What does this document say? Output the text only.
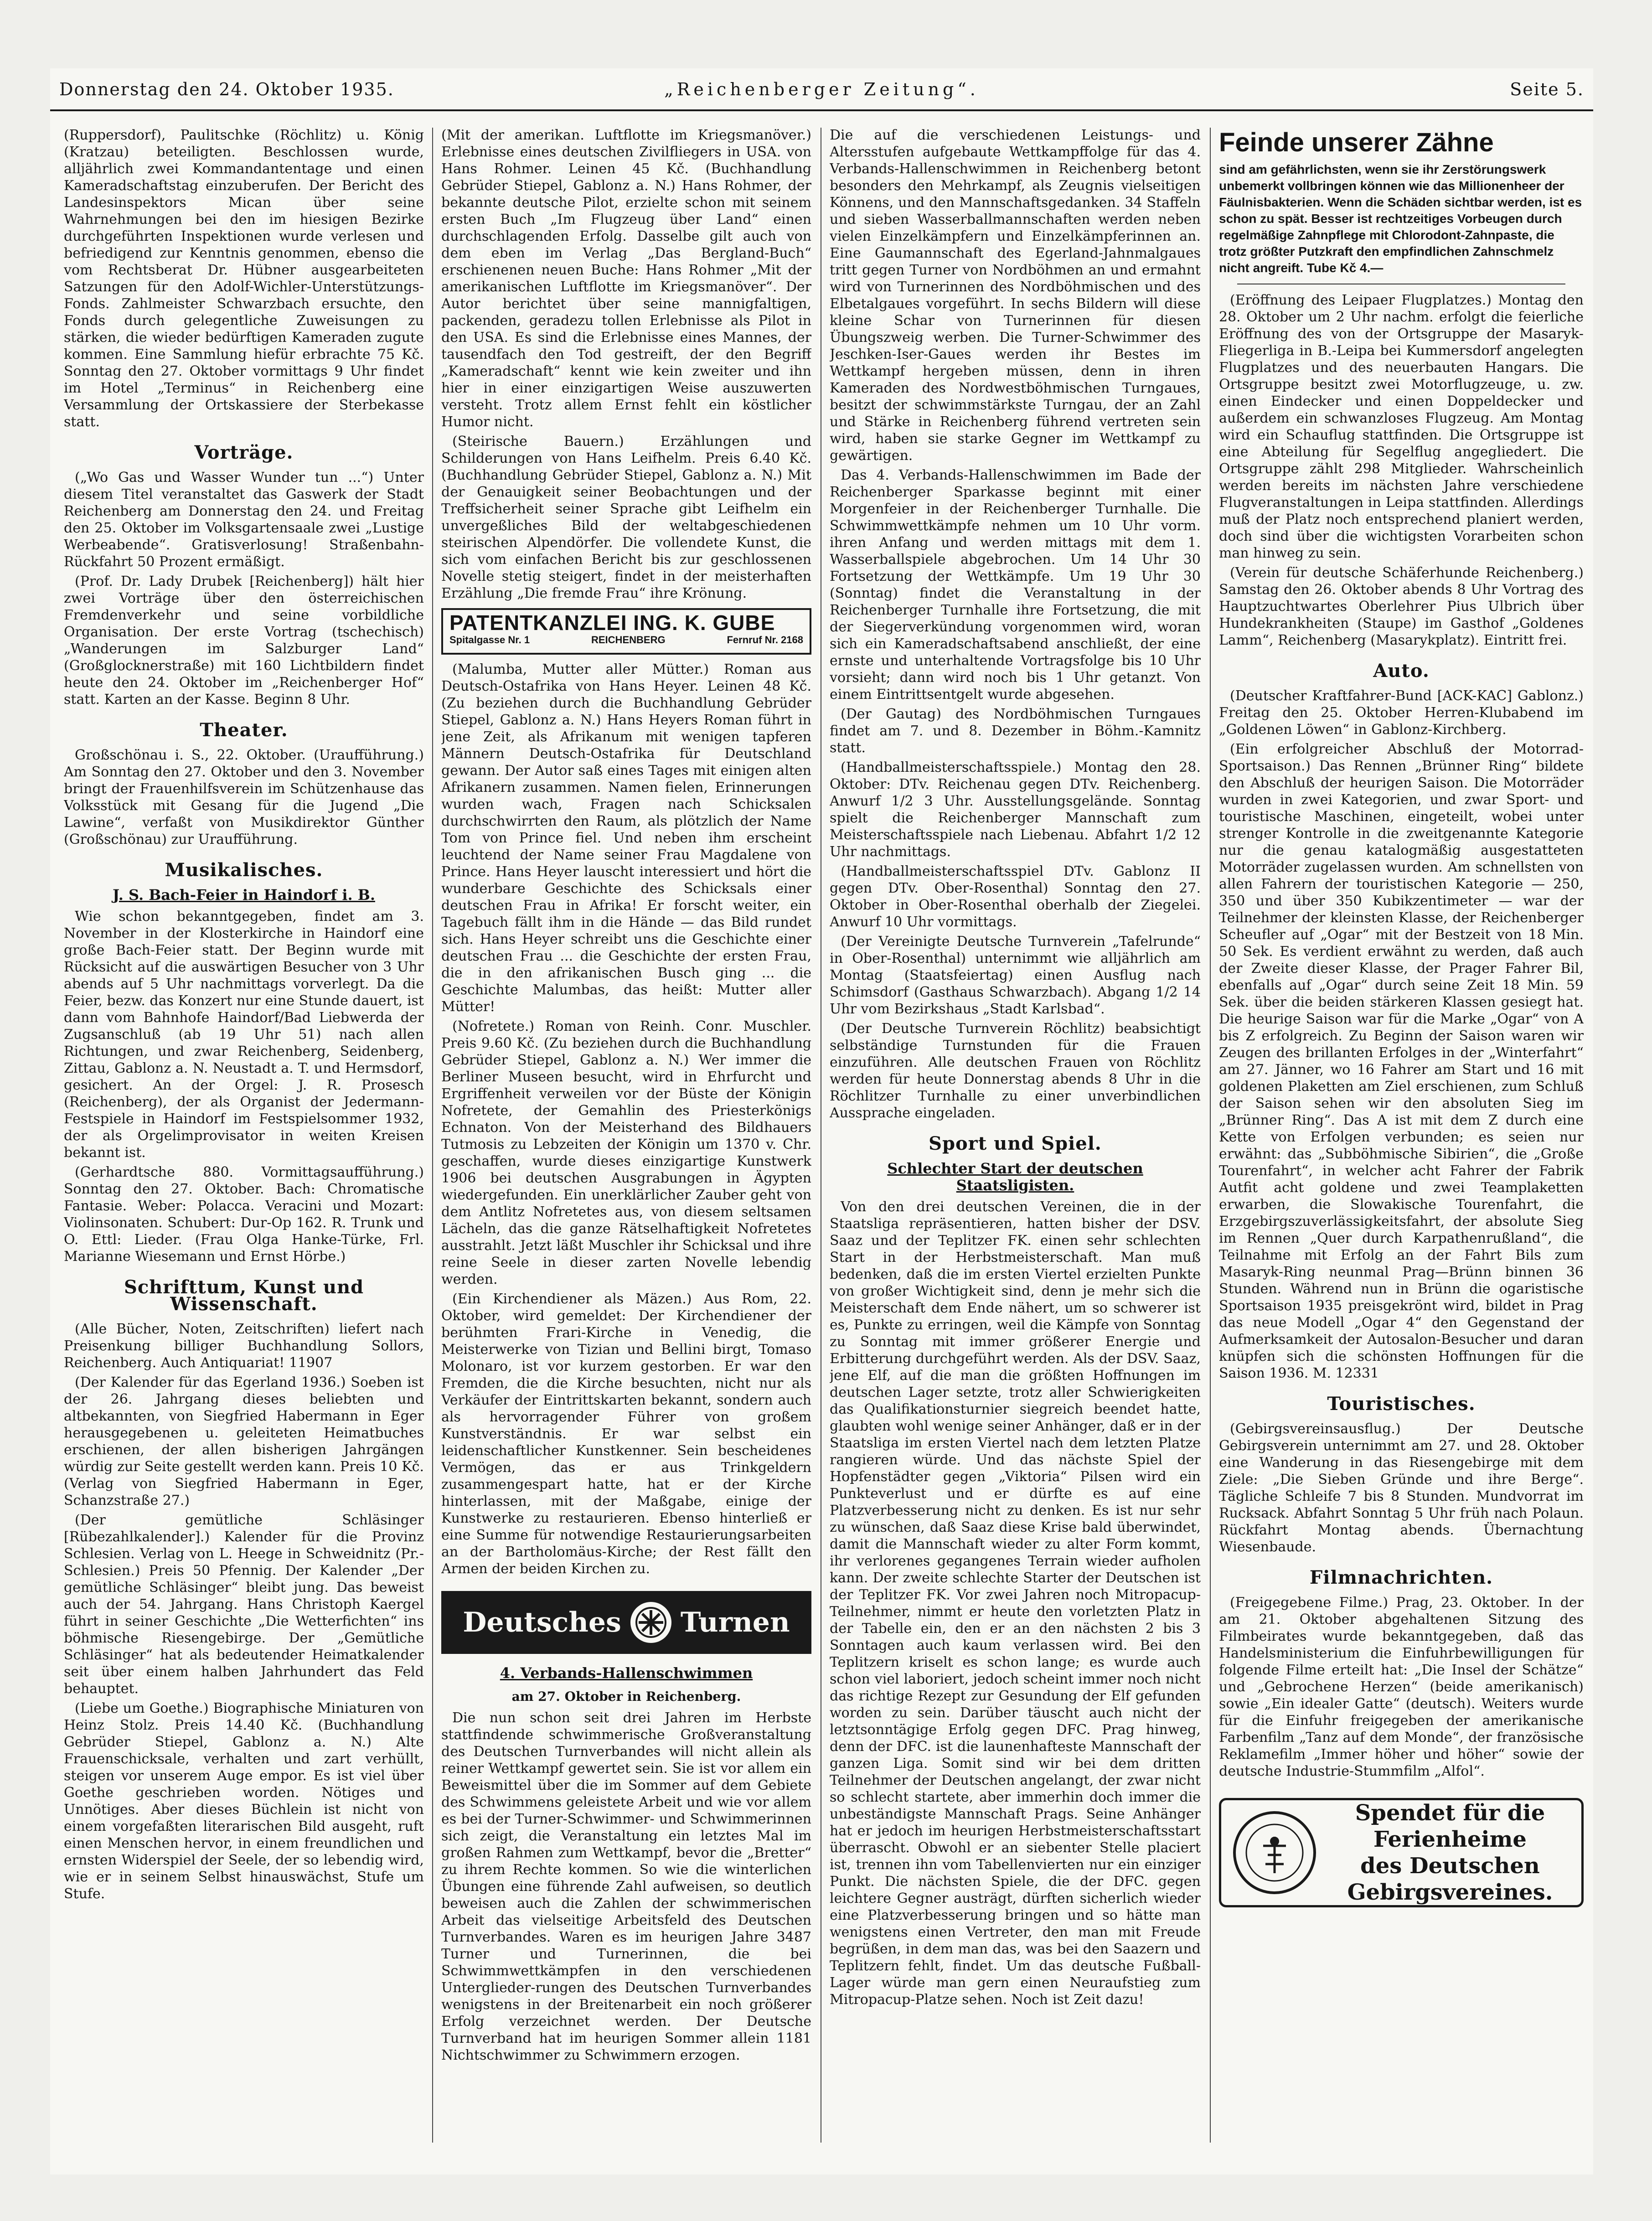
Donnerstag den 24. Oktober 1935.	„Reichenberger Zeitung“.	Seite 5.

(Ruppersdorf), Paulitschke (Röchlitz) u. König (Kratzau) beteiligten. Beschlossen wurde, alljährlich zwei Kommandantentage und einen Kameradschaftstag einzuberufen. Der Bericht des Landesinspektors Mican über seine Wahrnehmungen bei den im hiesigen Bezirke durchgeführten Inspektionen wurde verlesen und befriedigend zur Kenntnis genommen, ebenso die vom Rechtsberat Dr. Hübner ausgearbeiteten Satzungen für den Adolf-Wichler-Unterstützungs-Fonds. Zahlmeister Schwarzbach ersuchte, den Fonds durch gelegentliche Zuweisungen zu stärken, die wieder bedürftigen Kameraden zugute kommen. Eine Sammlung hiefür erbrachte 75 Kč. Sonntag den 27. Oktober vormittags 9 Uhr findet im Hotel „Terminus“ in Reichenberg eine Versammlung der Ortskassiere der Sterbekasse statt.

Vorträge.

(„Wo Gas und Wasser Wunder tun ...“) Unter diesem Titel veranstaltet das Gaswerk der Stadt Reichenberg am Donnerstag den 24. und Freitag den 25. Oktober im Volksgartensaale zwei „Lustige Werbeabende“. Gratisverlosung! Straßenbahn-Rückfahrt 50 Prozent ermäßigt.

(Prof. Dr. Lady Drubek [Reichenberg]) hält hier zwei Vorträge über den österreichischen Fremdenverkehr und seine vorbildliche Organisation. Der erste Vortrag (tschechisch) „Wanderungen im Salzburger Land“ (Großglocknerstraße) mit 160 Lichtbildern findet heute den 24. Oktober im „Reichenberger Hof“ statt. Karten an der Kasse. Beginn 8 Uhr.

Theater.

Großschönau i. S., 22. Oktober. (Uraufführung.) Am Sonntag den 27. Oktober und den 3. November bringt der Frauenhilfsverein im Schützenhause das Volksstück mit Gesang für die Jugend „Die Lawine“, verfaßt von Musikdirektor Günther (Großschönau) zur Uraufführung.

Musikalisches.
J. S. Bach-Feier in Haindorf i. B.

Wie schon bekanntgegeben, findet am 3. November in der Klosterkirche in Haindorf eine große Bach-Feier statt. Der Beginn wurde mit Rücksicht auf die auswärtigen Besucher von 3 Uhr abends auf 5 Uhr nachmittags vorverlegt. Da die Feier, bezw. das Konzert nur eine Stunde dauert, ist dann vom Bahnhofe Haindorf/Bad Liebwerda der Zugsanschluß (ab 19 Uhr 51) nach allen Richtungen, und zwar Reichenberg, Seidenberg, Zittau, Gablonz a. N. Neustadt a. T. und Hermsdorf, gesichert. An der Orgel: J. R. Prosesch (Reichenberg), der als Organist der Jedermann-Festspiele in Haindorf im Festspielsommer 1932, der als Orgelimprovisator in weiten Kreisen bekannt ist.

(Gerhardtsche 880. Vormittagsaufführung.) Sonntag den 27. Oktober. Bach: Chromatische Fantasie. Weber: Polacca. Veracini und Mozart: Violinsonaten. Schubert: Dur-Op 162. R. Trunk und O. Ettl: Lieder. (Frau Olga Hanke-Türke, Frl. Marianne Wiesemann und Ernst Hörbe.)

Schrifttum, Kunst und Wissenschaft.

(Alle Bücher, Noten, Zeitschriften) liefert nach Preisenkung billiger Buchhandlung Sollors, Reichenberg. Auch Antiquariat! 11907

(Der Kalender für das Egerland 1936.) Soeben ist der 26. Jahrgang dieses beliebten und altbekannten, von Siegfried Habermann in Eger herausgegebenen u. geleiteten Heimatbuches erschienen, der allen bisherigen Jahrgängen würdig zur Seite gestellt werden kann. Preis 10 Kč. (Verlag von Siegfried Habermann in Eger, Schanzstraße 27.)

(Der gemütliche Schläsinger [Rübezahlkalender].) Kalender für die Provinz Schlesien. Verlag von L. Heege in Schweidnitz (Pr.-Schlesien.) Preis 50 Pfennig. Der Kalender „Der gemütliche Schläsinger“ bleibt jung. Das beweist auch der 54. Jahrgang. Hans Christoph Kaergel führt in seiner Geschichte „Die Wetterfichten“ ins böhmische Riesengebirge. Der „Gemütliche Schläsinger“ hat als bedeutender Heimatkalender seit über einem halben Jahrhundert das Feld behauptet.

(Liebe um Goethe.) Biographische Miniaturen von Heinz Stolz. Preis 14.40 Kč. (Buchhandlung Gebrüder Stiepel, Gablonz a. N.) Alte Frauenschicksale, verhalten und zart verhüllt, steigen vor unserem Auge empor. Es ist viel über Goethe geschrieben worden. Nötiges und Unnötiges. Aber dieses Büchlein ist nicht von einem vorgefaßten literarischen Bild ausgeht, ruft einen Menschen hervor, in einem freundlichen und ernsten Widerspiel der Seele, der so lebendig wird, wie er in seinem Selbst hinauswächst, Stufe um Stufe.

(Mit der amerikan. Luftflotte im Kriegsmanöver.) Erlebnisse eines deutschen Zivilfliegers in USA. von Hans Rohmer. Leinen 45 Kč. (Buchhandlung Gebrüder Stiepel, Gablonz a. N.) Hans Rohmer, der bekannte deutsche Pilot, erzielte schon mit seinem ersten Buch „Im Flugzeug über Land“ einen durchschlagenden Erfolg. Dasselbe gilt auch von dem eben im Verlag „Das Bergland-Buch“ erschienenen neuen Buche: Hans Rohmer „Mit der amerikanischen Luftflotte im Kriegsmanöver“. Der Autor berichtet über seine mannigfaltigen, packenden, geradezu tollen Erlebnisse als Pilot in den USA. Es sind die Erlebnisse eines Mannes, der tausendfach den Tod gestreift, der den Begriff „Kameradschaft“ kennt wie kein zweiter und ihn hier in einer einzigartigen Weise auszuwerten versteht. Trotz allem Ernst fehlt ein köstlicher Humor nicht.

(Steirische Bauern.) Erzählungen und Schilderungen von Hans Leifhelm. Preis 6.40 Kč. (Buchhandlung Gebrüder Stiepel, Gablonz a. N.) Mit der Genauigkeit seiner Beobachtungen und der Treffsicherheit seiner Sprache gibt Leifhelm ein unvergeßliches Bild der weltabgeschiedenen steirischen Alpendörfer. Die vollendete Kunst, die sich vom einfachen Bericht bis zur geschlossenen Novelle stetig steigert, findet in der meisterhaften Erzählung „Die fremde Frau“ ihre Krönung.

PATENTKANZLEI ING. K. GUBE
Spitalgasse Nr. 1	REICHENBERG	Fernruf Nr. 2168

(Malumba, Mutter aller Mütter.) Roman aus Deutsch-Ostafrika von Hans Heyer. Leinen 48 Kč. (Zu beziehen durch die Buchhandlung Gebrüder Stiepel, Gablonz a. N.) Hans Heyers Roman führt in jene Zeit, als Afrikanum mit wenigen tapferen Männern Deutsch-Ostafrika für Deutschland gewann. Der Autor saß eines Tages mit einigen alten Afrikanern zusammen. Namen fielen, Erinnerungen wurden wach, Fragen nach Schicksalen durchschwirrten den Raum, als plötzlich der Name Tom von Prince fiel. Und neben ihm erscheint leuchtend der Name seiner Frau Magdalene von Prince. Hans Heyer lauscht interessiert und hört die wunderbare Geschichte des Schicksals einer deutschen Frau in Afrika! Er forscht weiter, ein Tagebuch fällt ihm in die Hände — das Bild rundet sich. Hans Heyer schreibt uns die Geschichte einer deutschen Frau ... die Geschichte der ersten Frau, die in den afrikanischen Busch ging ... die Geschichte Malumbas, das heißt: Mutter aller Mütter!

(Nofretete.) Roman von Reinh. Conr. Muschler. Preis 9.60 Kč. (Zu beziehen durch die Buchhandlung Gebrüder Stiepel, Gablonz a. N.) Wer immer die Berliner Museen besucht, wird in Ehrfurcht und Ergriffenheit verweilen vor der Büste der Königin Nofretete, der Gemahlin des Priesterkönigs Echnaton. Von der Meisterhand des Bildhauers Tutmosis zu Lebzeiten der Königin um 1370 v. Chr. geschaffen, wurde dieses einzigartige Kunstwerk 1906 bei deutschen Ausgrabungen in Ägypten wiedergefunden. Ein unerklärlicher Zauber geht von dem Antlitz Nofretetes aus, von diesem seltsamen Lächeln, das die ganze Rätselhaftigkeit Nofretetes ausstrahlt. Jetzt läßt Muschler ihr Schicksal und ihre reine Seele in dieser zarten Novelle lebendig werden.

(Ein Kirchendiener als Mäzen.) Aus Rom, 22. Oktober, wird gemeldet: Der Kirchendiener der berühmten Frari-Kirche in Venedig, die Meisterwerke von Tizian und Bellini birgt, Tomaso Molonaro, ist vor kurzem gestorben. Er war den Fremden, die die Kirche besuchten, nicht nur als Verkäufer der Eintrittskarten bekannt, sondern auch als hervorragender Führer von großem Kunstverständnis. Er war selbst ein leidenschaftlicher Kunstkenner. Sein bescheidenes Vermögen, das er aus Trinkgeldern zusammengespart hatte, hat er der Kirche hinterlassen, mit der Maßgabe, einige der Kunstwerke zu restaurieren. Ebenso hinterließ er eine Summe für notwendige Restaurierungsarbeiten an der Bartholomäus-Kirche; der Rest fällt den Armen der beiden Kirchen zu.

Deutsches Turnen
4. Verbands-Hallenschwimmen
am 27. Oktober in Reichenberg.

Die nun schon seit drei Jahren im Herbste stattfindende schwimmerische Großveranstaltung des Deutschen Turnverbandes will nicht allein als reiner Wettkampf gewertet sein. Sie ist vor allem ein Beweismittel über die im Sommer auf dem Gebiete des Schwimmens geleistete Arbeit und wie vor allem es bei der Turner-Schwimmer- und Schwimmerinnen sich zeigt, die Veranstaltung ein letztes Mal im großen Rahmen zum Wettkampf, bevor die „Bretter“ zu ihrem Rechte kommen. So wie die winterlichen Übungen eine führende Zahl aufweisen, so deutlich beweisen auch die Zahlen der schwimmerischen Arbeit das vielseitige Arbeitsfeld des Deutschen Turnverbandes. Waren es im heurigen Jahre 3487 Turner und Turnerinnen, die bei Schwimmwettkämpfen in den verschiedenen Unterglieder-rungen des Deutschen Turnverbandes wenigstens in der Breitenarbeit ein noch größerer Erfolg verzeichnet werden. Der Deutsche Turnverband hat im heurigen Sommer allein 1181 Nichtschwimmer zu Schwimmern erzogen.

Die auf die verschiedenen Leistungs- und Altersstufen aufgebaute Wettkampffolge für das 4. Verbands-Hallenschwimmen in Reichenberg betont besonders den Mehrkampf, als Zeugnis vielseitigen Könnens, und den Mannschaftsgedanken. 34 Staffeln und sieben Wasserballmannschaften werden neben vielen Einzelkämpfern und Einzelkämpferinnen an. Eine Gaumannschaft des Egerland-Jahnmalgaues tritt gegen Turner von Nordböhmen an und ermahnt wird von Turnerinnen des Nordböhmischen und des Elbetalgaues vorgeführt. In sechs Bildern will diese kleine Schar von Turnerinnen für diesen Übungszweig werben. Die Turner-Schwimmer des Jeschken-Iser-Gaues werden ihr Bestes im Wettkampf hergeben müssen, denn in ihren Kameraden des Nordwestböhmischen Turngaues, besitzt der schwimmstärkste Turngau, der an Zahl und Stärke in Reichenberg führend vertreten sein wird, haben sie starke Gegner im Wettkampf zu gewärtigen.

Das 4. Verbands-Hallenschwimmen im Bade der Reichenberger Sparkasse beginnt mit einer Morgenfeier in der Reichenberger Turnhalle. Die Schwimmwettkämpfe nehmen um 10 Uhr vorm. ihren Anfang und werden mittags mit dem 1. Wasserballspiele abgebrochen. Um 14 Uhr 30 Fortsetzung der Wettkämpfe. Um 19 Uhr 30 (Sonntag) findet die Veranstaltung in der Reichenberger Turnhalle ihre Fortsetzung, die mit der Siegerverkündung vorgenommen wird, woran sich ein Kameradschaftsabend anschließt, der eine ernste und unterhaltende Vortragsfolge bis 10 Uhr vorsieht; dann wird noch bis 1 Uhr getanzt. Von einem Eintrittsentgelt wurde abgesehen.

(Der Gautag) des Nordböhmischen Turngaues findet am 7. und 8. Dezember in Böhm.-Kamnitz statt.

(Handballmeisterschaftsspiele.) Montag den 28. Oktober: DTv. Reichenau gegen DTv. Reichenberg. Anwurf 1/2 3 Uhr. Ausstellungsgelände. Sonntag spielt die Reichenberger Mannschaft zum Meisterschaftsspiele nach Liebenau. Abfahrt 1/2 12 Uhr nachmittags.

(Handballmeisterschaftsspiel DTv. Gablonz II gegen DTv. Ober-Rosenthal) Sonntag den 27. Oktober in Ober-Rosenthal oberhalb der Ziegelei. Anwurf 10 Uhr vormittags.

(Der Vereinigte Deutsche Turnverein „Tafelrunde“ in Ober-Rosenthal) unternimmt wie alljährlich am Montag (Staatsfeiertag) einen Ausflug nach Schimsdorf (Gasthaus Schwarzbach). Abgang 1/2 14 Uhr vom Bezirkshaus „Stadt Karlsbad“.

(Der Deutsche Turnverein Röchlitz) beabsichtigt selbständige Turnstunden für die Frauen einzuführen. Alle deutschen Frauen von Röchlitz werden für heute Donnerstag abends 8 Uhr in die Röchlitzer Turnhalle zu einer unverbindlichen Aussprache eingeladen.

Sport und Spiel.
Schlechter Start der deutschen Staatsligisten.

Von den drei deutschen Vereinen, die in der Staatsliga repräsentieren, hatten bisher der DSV. Saaz und der Teplitzer FK. einen sehr schlechten Start in der Herbstmeisterschaft. Man muß bedenken, daß die im ersten Viertel erzielten Punkte von großer Wichtigkeit sind, denn je mehr sich die Meisterschaft dem Ende nähert, um so schwerer ist es, Punkte zu erringen, weil die Kämpfe von Sonntag zu Sonntag mit immer größerer Energie und Erbitterung durchgeführt werden. Als der DSV. Saaz, jene Elf, auf die man die größten Hoffnungen im deutschen Lager setzte, trotz aller Schwierigkeiten das Qualifikationsturnier siegreich beendet hatte, glaubten wohl wenige seiner Anhänger, daß er in der Staatsliga im ersten Viertel nach dem letzten Platze rangieren würde. Und das nächste Spiel der Hopfenstädter gegen „Viktoria“ Pilsen wird ein Punkteverlust und er dürfte es auf eine Platzverbesserung nicht zu denken. Es ist nur sehr zu wünschen, daß Saaz diese Krise bald überwindet, damit die Mannschaft wieder zu alter Form kommt, ihr verlorenes gegangenes Terrain wieder aufholen kann. Der zweite schlechte Starter der Deutschen ist der Teplitzer FK. Vor zwei Jahren noch Mitropacup-Teilnehmer, nimmt er heute den vorletzten Platz in der Tabelle ein, den er an den nächsten 2 bis 3 Sonntagen auch kaum verlassen wird. Bei den Teplitzern kriselt es schon lange; es wurde auch schon viel laboriert, jedoch scheint immer noch nicht das richtige Rezept zur Gesundung der Elf gefunden worden zu sein. Darüber täuscht auch nicht der letztsonntägige Erfolg gegen DFC. Prag hinweg, denn der DFC. ist die launenhafteste Mannschaft der ganzen Liga. Somit sind wir bei dem dritten Teilnehmer der Deutschen angelangt, der zwar nicht so schlecht startete, aber immerhin doch immer die unbeständigste Mannschaft Prags. Seine Anhänger hat er jedoch im heurigen Herbstmeisterschaftsstart überrascht. Obwohl er an siebenter Stelle placiert ist, trennen ihn vom Tabellenvierten nur ein einziger Punkt. Die nächsten Spiele, die der DFC. gegen leichtere Gegner austrägt, dürften sicherlich wieder eine Platzverbesserung bringen und so hätte man wenigstens einen Vertreter, den man mit Freude begrüßen, in dem man das, was bei den Saazern und Teplitzern fehlt, findet. Um das deutsche Fußball-Lager würde man gern einen Neuraufstieg zum Mitropacup-Platze sehen. Noch ist Zeit dazu!

Feinde unserer Zähne
sind am gefährlichsten, wenn sie ihr Zerstörungswerk unbemerkt vollbringen können wie das Millionenheer der Fäulnisbakterien. Wenn die Schäden sichtbar werden, ist es schon zu spät. Besser ist rechtzeitiges Vorbeugen durch regelmäßige Zahnpflege mit Chlorodont-Zahnpaste, die trotz größter Putzkraft den empfindlichen Zahnschmelz nicht angreift. Tube Kč 4.—

(Eröffnung des Leipaer Flugplatzes.) Montag den 28. Oktober um 2 Uhr nachm. erfolgt die feierliche Eröffnung des von der Ortsgruppe der Masaryk-Fliegerliga in B.-Leipa bei Kummersdorf angelegten Flugplatzes und des neuerbauten Hangars. Die Ortsgruppe besitzt zwei Motorflugzeuge, u. zw. einen Eindecker und einen Doppeldecker und außerdem ein schwanzloses Flugzeug. Am Montag wird ein Schauflug stattfinden. Die Ortsgruppe ist eine Abteilung für Segelflug angegliedert. Die Ortsgruppe zählt 298 Mitglieder. Wahrscheinlich werden bereits im nächsten Jahre verschiedene Flugveranstaltungen in Leipa stattfinden. Allerdings muß der Platz noch entsprechend planiert werden, doch sind über die wichtigsten Vorarbeiten schon man hinweg zu sein.

(Verein für deutsche Schäferhunde Reichenberg.) Samstag den 26. Oktober abends 8 Uhr Vortrag des Hauptzuchtwartes Oberlehrer Pius Ulbrich über Hundekrankheiten (Staupe) im Gasthof „Goldenes Lamm“, Reichenberg (Masarykplatz). Eintritt frei.

Auto.

(Deutscher Kraftfahrer-Bund [ACK-KAC] Gablonz.) Freitag den 25. Oktober Herren-Klubabend im „Goldenen Löwen“ in Gablonz-Kirchberg.

(Ein erfolgreicher Abschluß der Motorrad-Sportsaison.) Das Rennen „Brünner Ring“ bildete den Abschluß der heurigen Saison. Die Motorräder wurden in zwei Kategorien, und zwar Sport- und touristische Maschinen, eingeteilt, wobei unter strenger Kontrolle in die zweitgenannte Kategorie nur die genau katalogmäßig ausgestatteten Motorräder zugelassen wurden. Am schnellsten von allen Fahrern der touristischen Kategorie — 250, 350 und über 350 Kubikzentimeter — war der Teilnehmer der kleinsten Klasse, der Reichenberger Scheufler auf „Ogar“ mit der Bestzeit von 18 Min. 50 Sek. Es verdient erwähnt zu werden, daß auch der Zweite dieser Klasse, der Prager Fahrer Bil, ebenfalls auf „Ogar“ durch seine Zeit 18 Min. 59 Sek. über die beiden stärkeren Klassen gesiegt hat. Die heurige Saison war für die Marke „Ogar“ von A bis Z erfolgreich. Zu Beginn der Saison waren wir Zeugen des brillanten Erfolges in der „Winterfahrt“ am 27. Jänner, wo 16 Fahrer am Start und 16 mit goldenen Plaketten am Ziel erschienen, zum Schluß der Saison sehen wir den absoluten Sieg im „Brünner Ring“. Das A ist mit dem Z durch eine Kette von Erfolgen verbunden; es seien nur erwähnt: das „Subböhmische Sibirien“, die „Große Tourenfahrt“, in welcher acht Fahrer der Fabrik Autfit acht goldene und zwei Teamplaketten erwarben, die Slowakische Tourenfahrt, die Erzgebirgszuverlässigkeitsfahrt, der absolute Sieg im Rennen „Quer durch Karpathenrußland“, die Teilnahme mit Erfolg an der Fahrt Bils zum Masaryk-Ring neunmal Prag—Brünn binnen 36 Stunden. Während nun in Brünn die ogaristische Sportsaison 1935 preisgekrönt wird, bildet in Prag das neue Modell „Ogar 4“ den Gegenstand der Aufmerksamkeit der Autosalon-Besucher und daran knüpfen sich die schönsten Hoffnungen für die Saison 1936. M. 12331

Touristisches.

(Gebirgsvereinsausflug.) Der Deutsche Gebirgsverein unternimmt am 27. und 28. Oktober eine Wanderung in das Riesengebirge mit dem Ziele: „Die Sieben Gründe und ihre Berge“. Tägliche Schleife 7 bis 8 Stunden. Mundvorrat im Rucksack. Abfahrt Sonntag 5 Uhr früh nach Polaun. Rückfahrt Montag abends. Übernachtung Wiesenbaude.

Filmnachrichten.

(Freigegebene Filme.) Prag, 23. Oktober. In der am 21. Oktober abgehaltenen Sitzung des Filmbeirates wurde bekanntgegeben, daß das Handelsministerium die Einfuhrbewilligungen für folgende Filme erteilt hat: „Die Insel der Schätze“ und „Gebrochene Herzen“ (beide amerikanisch) sowie „Ein idealer Gatte“ (deutsch). Weiters wurde für die Einfuhr freigegeben der amerikanische Farbenfilm „Tanz auf dem Monde“, der französische Reklamefilm „Immer höher und höher“ sowie der deutsche Industrie-Stummfilm „Alfol“.

Spendet für die
Ferienheime
des Deutschen
Gebirgsvereines.
